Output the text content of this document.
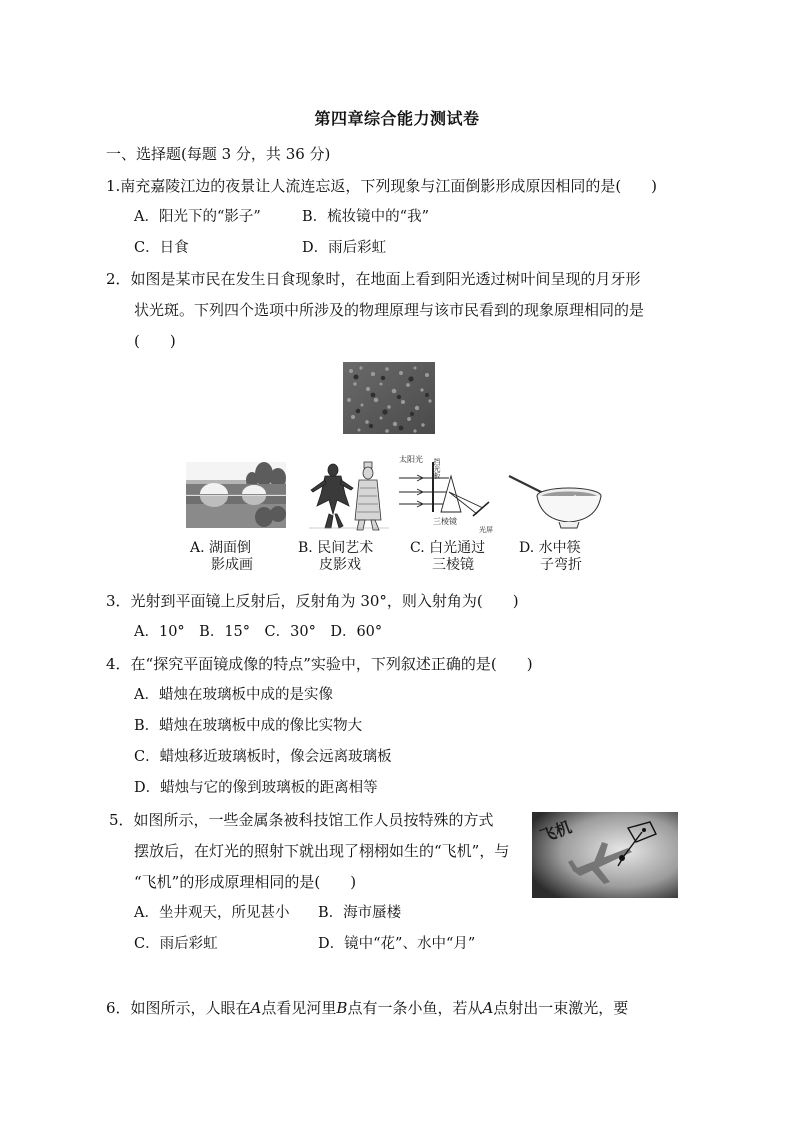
第四章综合能力测试卷
一、选择题(每题 3 分，共 36 分)
1.南充嘉陵江边的夜景让人流连忘返，下列现象与江面倒影形成原因相同的是(　　)
A．阳光下的“影子”	B．梳妆镜中的“我”
C．日食	D．雨后彩虹
2．如图是某市民在发生日食现象时，在地面上看到阳光透过树叶间呈现的月牙形
状光斑。下列四个选项中所涉及的物理原理与该市民看到的现象原理相同的是
(　　)
太阳光 挡光板
三棱镜
光屏
A. 湖面倒
影成画
B. 民间艺术
皮影戏
C. 白光通过
三棱镜
D. 水中筷
子弯折
3．光射到平面镜上反射后，反射角为 30°，则入射角为(　　)
A．10°　B．15°　C．30°　D．60°
4．在“探究平面镜成像的特点”实验中，下列叙述正确的是(　　)
A．蜡烛在玻璃板中成的是实像
B．蜡烛在玻璃板中成的像比实物大
C．蜡烛移近玻璃板时，像会远离玻璃板
D．蜡烛与它的像到玻璃板的距离相等
5．如图所示，一些金属条被科技馆工作人员按特殊的方式
摆放后，在灯光的照射下就出现了栩栩如生的“飞机”，与
“飞机”的形成原理相同的是(　　)
A．坐井观天，所见甚小 B．海市蜃楼
C．雨后彩虹	D．镜中“花”、水中“月”
飞机
6．如图所示，人眼在A点看见河里B点有一条小鱼，若从A点射出一束激光，要
